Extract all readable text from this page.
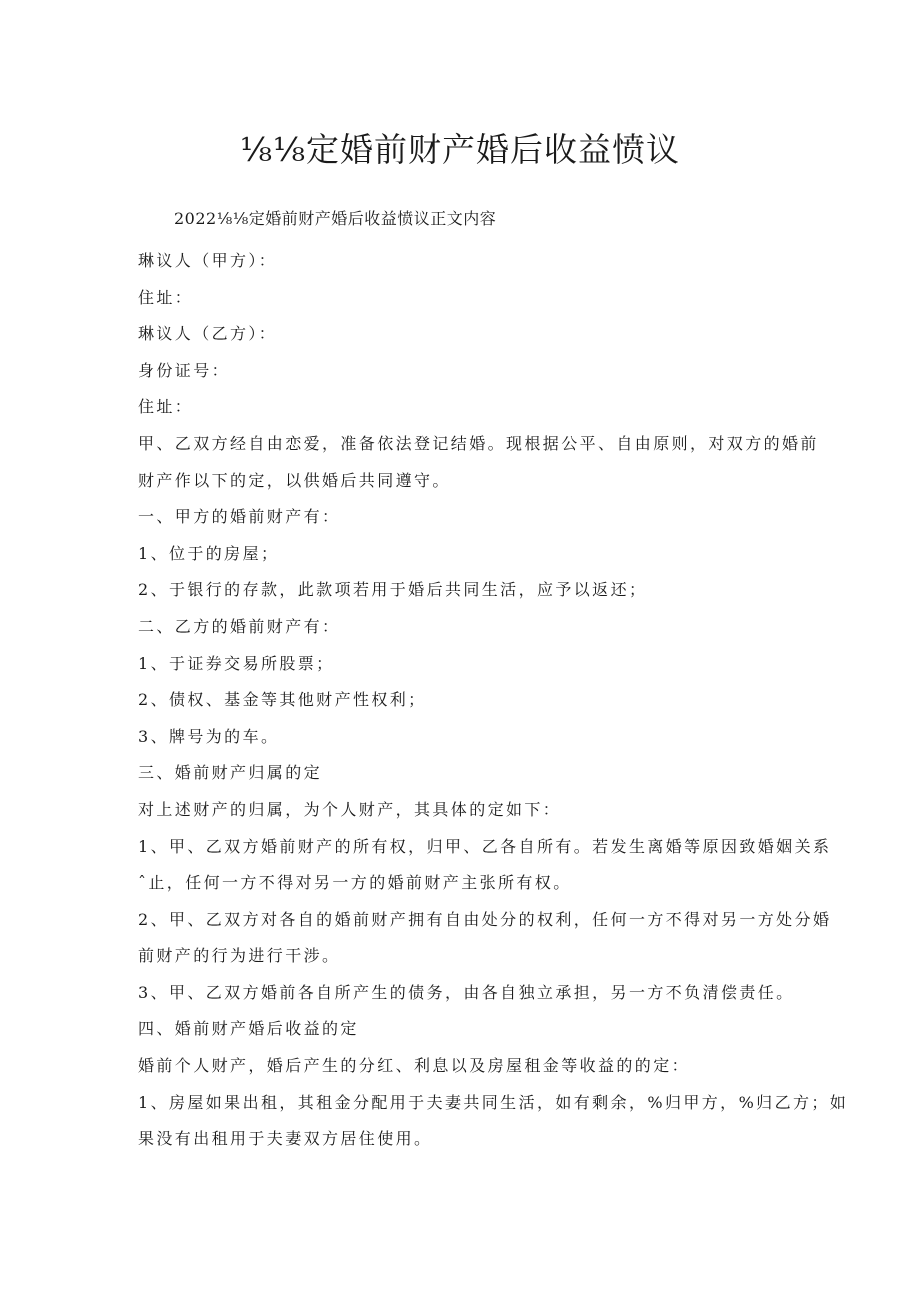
⅛⅛定婚前财产婚后收益愤议
2022⅛⅛定婚前财产婚后收益愤议正文内容

琳议人（甲方）：

住址：

琳议人（乙方）：

身份证号：

住址：

甲、乙双方经自由恋爱，准备依法登记结婚。现根据公平、自由原则，对双方的婚前

财产作以下的定，以供婚后共同遵守。

一、甲方的婚前财产有：

1、位于的房屋；

2、于银行的存款，此款项若用于婚后共同生活，应予以返还；

二、乙方的婚前财产有：

1、于证券交易所股票；

2、债权、基金等其他财产性权利；

3、牌号为的车。

三、婚前财产归属的定

对上述财产的归属，为个人财产，其具体的定如下：

1、甲、乙双方婚前财产的所有权，归甲、乙各自所有。若发生离婚等原因致婚姻关系

ˆ止，任何一方不得对另一方的婚前财产主张所有权。

2、甲、乙双方对各自的婚前财产拥有自由处分的权利，任何一方不得对另一方处分婚

前财产的行为进行干涉。

3、甲、乙双方婚前各自所产生的债务，由各自独立承担，另一方不负清偿责任。

四、婚前财产婚后收益的定

婚前个人财产，婚后产生的分红、利息以及房屋租金等收益的的定：

1、房屋如果出租，其租金分配用于夫妻共同生活，如有剩余，%归甲方，%归乙方；如

果没有出租用于夫妻双方居住使用。
